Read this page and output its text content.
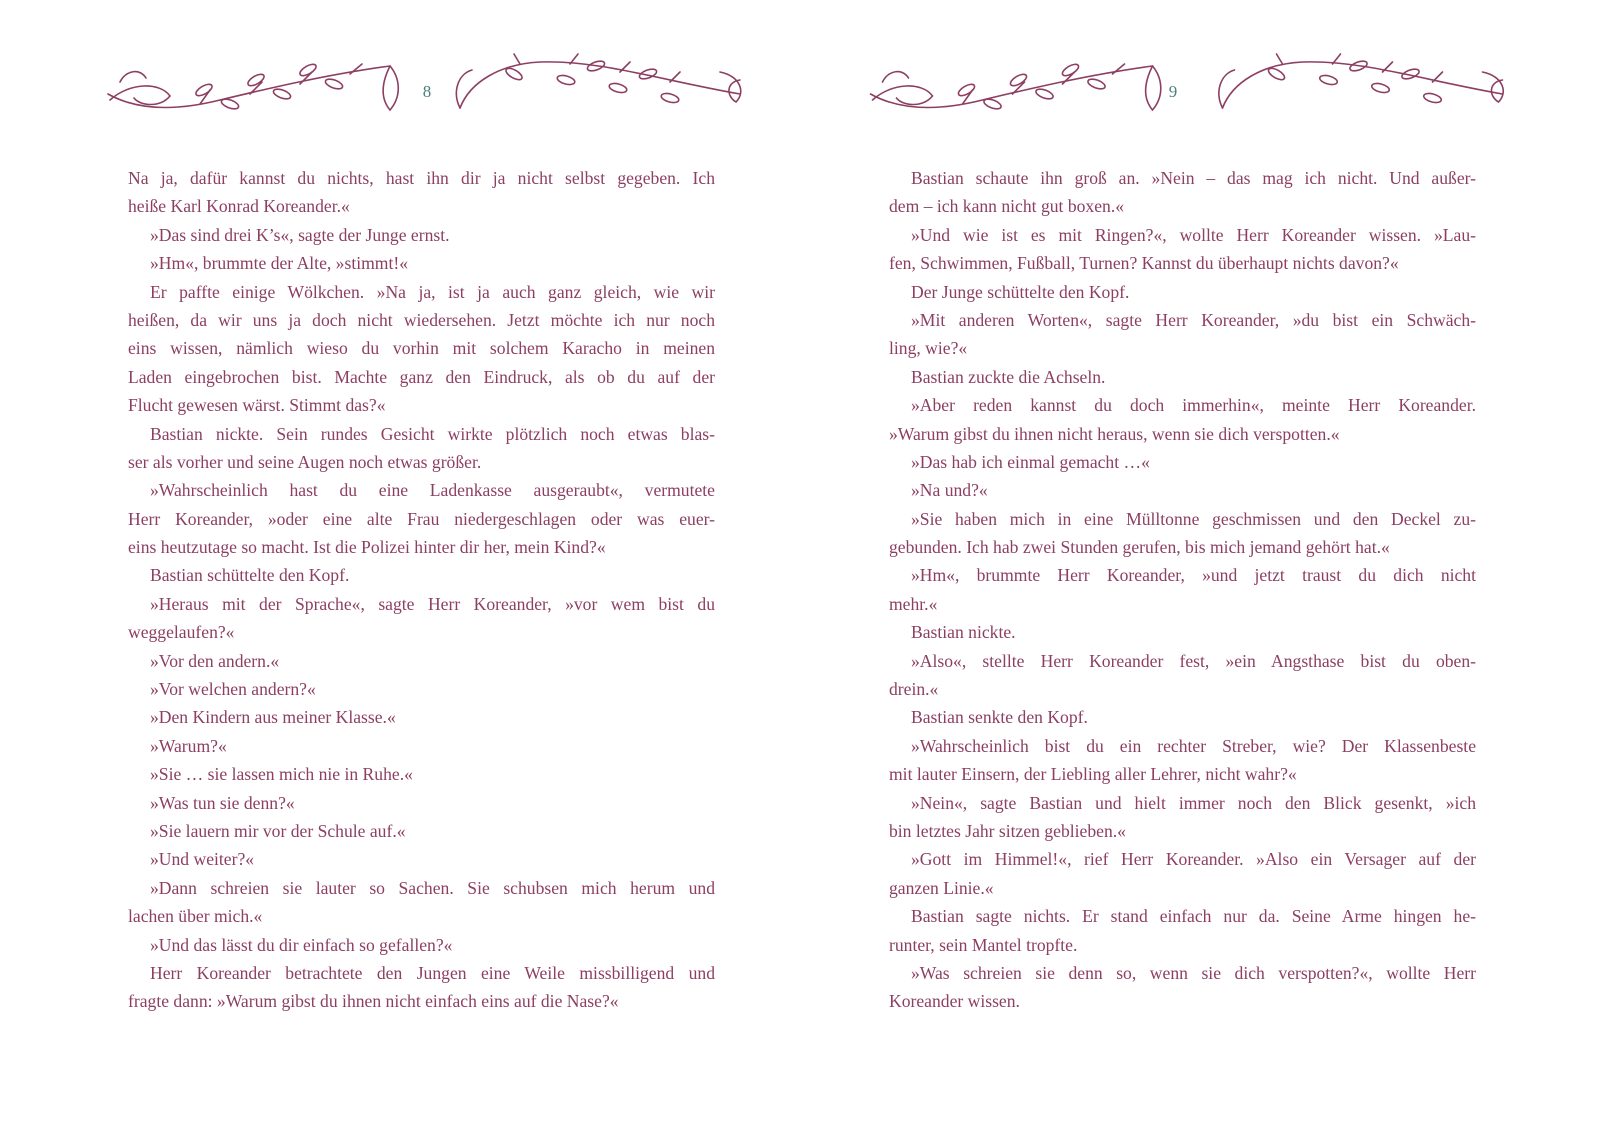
8
Na ja, dafür kannst du nichts, hast ihn dir ja nicht selbst gegeben. Ich
heiße Karl Konrad Koreander.«
»Das sind drei K’s«, sagte der Junge ernst.
»Hm«, brummte der Alte, »stimmt!«
Er paffte einige Wölkchen. »Na ja, ist ja auch ganz gleich, wie wir
heißen, da wir uns ja doch nicht wiedersehen. Jetzt möchte ich nur noch
eins wissen, nämlich wieso du vorhin mit solchem Karacho in meinen
Laden eingebrochen bist. Machte ganz den Eindruck, als ob du auf der
Flucht gewesen wärst. Stimmt das?«
Bastian nickte. Sein rundes Gesicht wirkte plötzlich noch etwas blas-
ser als vorher und seine Augen noch etwas größer.
»Wahrscheinlich hast du eine Ladenkasse ausgeraubt«, vermutete
Herr Koreander, »oder eine alte Frau niedergeschlagen oder was euer-
eins heutzutage so macht. Ist die Polizei hinter dir her, mein Kind?«
Bastian schüttelte den Kopf.
»Heraus mit der Sprache«, sagte Herr Koreander, »vor wem bist du
weggelaufen?«
»Vor den andern.«
»Vor welchen andern?«
»Den Kindern aus meiner Klasse.«
»Warum?«
»Sie … sie lassen mich nie in Ruhe.«
»Was tun sie denn?«
»Sie lauern mir vor der Schule auf.«
»Und weiter?«
»Dann schreien sie lauter so Sachen. Sie schubsen mich herum und
lachen über mich.«
»Und das lässt du dir einfach so gefallen?«
Herr Koreander betrachtete den Jungen eine Weile missbilligend und
fragte dann: »Warum gibst du ihnen nicht einfach eins auf die Nase?«
9
Bastian schaute ihn groß an. »Nein – das mag ich nicht. Und außer-
dem – ich kann nicht gut boxen.«
»Und wie ist es mit Ringen?«, wollte Herr Koreander wissen. »Lau-
fen, Schwimmen, Fußball, Turnen? Kannst du überhaupt nichts davon?«
Der Junge schüttelte den Kopf.
»Mit anderen Worten«, sagte Herr Koreander, »du bist ein Schwäch-
ling, wie?«
Bastian zuckte die Achseln.
»Aber reden kannst du doch immerhin«, meinte Herr Koreander.
»Warum gibst du ihnen nicht heraus, wenn sie dich verspotten.«
»Das hab ich einmal gemacht …«
»Na und?«
»Sie haben mich in eine Mülltonne geschmissen und den Deckel zu-
gebunden. Ich hab zwei Stunden gerufen, bis mich jemand gehört hat.«
»Hm«, brummte Herr Koreander, »und jetzt traust du dich nicht
mehr.«
Bastian nickte.
»Also«, stellte Herr Koreander fest, »ein Angsthase bist du oben-
drein.«
Bastian senkte den Kopf.
»Wahrscheinlich bist du ein rechter Streber, wie? Der Klassenbeste
mit lauter Einsern, der Liebling aller Lehrer, nicht wahr?«
»Nein«, sagte Bastian und hielt immer noch den Blick gesenkt, »ich
bin letztes Jahr sitzen geblieben.«
»Gott im Himmel!«, rief Herr Koreander. »Also ein Versager auf der
ganzen Linie.«
Bastian sagte nichts. Er stand einfach nur da. Seine Arme hingen he-
runter, sein Mantel tropfte.
»Was schreien sie denn so, wenn sie dich verspotten?«, wollte Herr
Koreander wissen.
